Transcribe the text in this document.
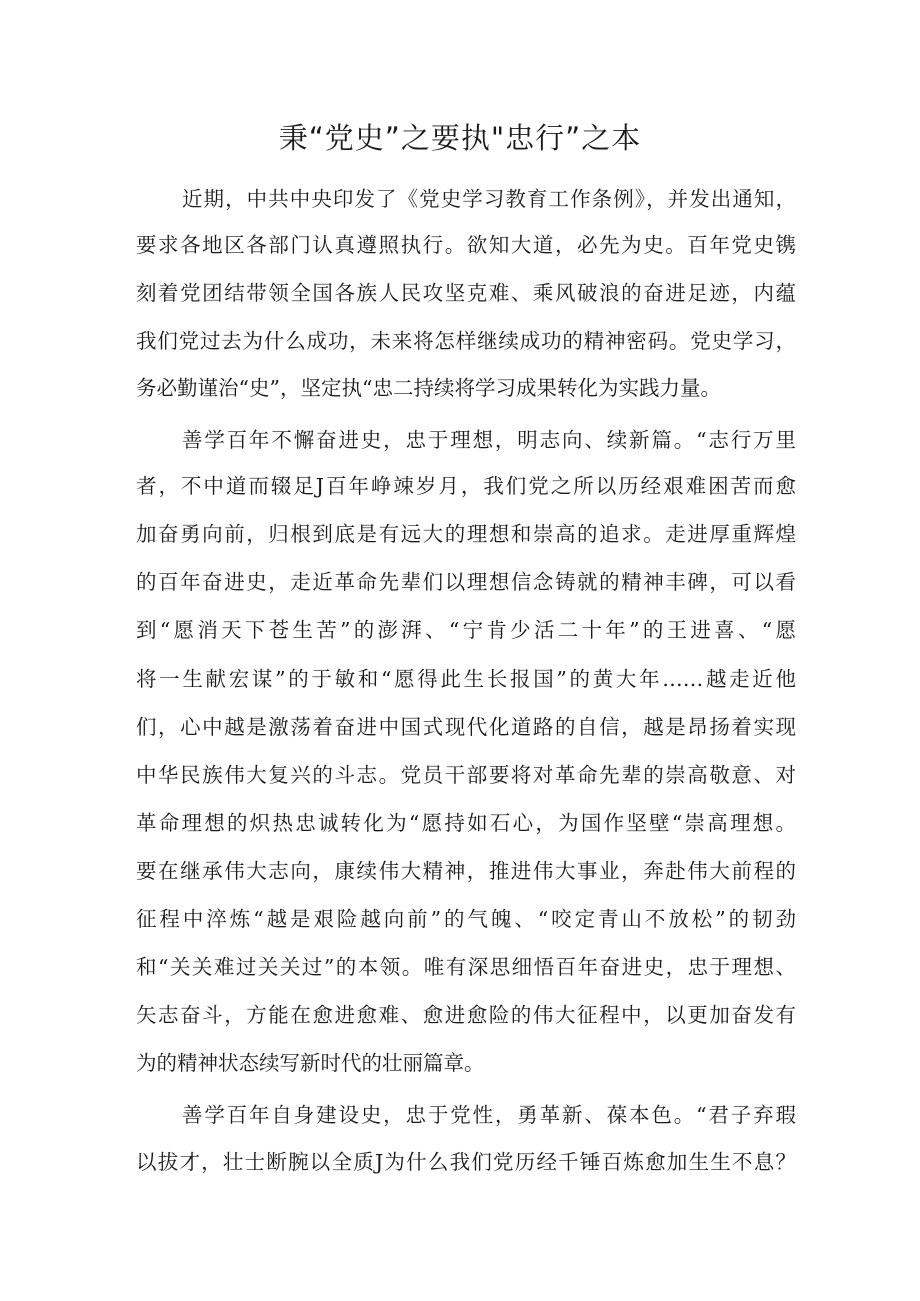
秉“党史”之要执"忠行”之本
近期，中共中央印发了《党史学习教育工作条例》，并发出通知，
要求各地区各部门认真遵照执行。欲知大道，必先为史。百年党史镌
刻着党团结带领全国各族人民攻坚克难、乘风破浪的奋进足迹，内蕴
我们党过去为什么成功，未来将怎样继续成功的精神密码。党史学习，
务必勤谨治“史”，坚定执“忠二持续将学习成果转化为实践力量。
善学百年不懈奋进史，忠于理想，明志向、续新篇。“志行万里
者，不中道而辍足J百年峥竦岁月，我们党之所以历经艰难困苦而愈
加奋勇向前，归根到底是有远大的理想和崇高的追求。走进厚重辉煌
的百年奋进史，走近革命先辈们以理想信念铸就的精神丰碑，可以看
到“愿消天下苍生苦”的澎湃、“宁肯少活二十年”的王进喜、“愿
将一生献宏谋”的于敏和“愿得此生长报国”的黄大年……越走近他
们，心中越是激荡着奋进中国式现代化道路的自信，越是昂扬着实现
中华民族伟大复兴的斗志。党员干部要将对革命先辈的崇高敬意、对
革命理想的炽热忠诚转化为“愿持如石心，为国作坚壁“崇高理想。
要在继承伟大志向，康续伟大精神，推进伟大事业，奔赴伟大前程的
征程中淬炼“越是艰险越向前”的气魄、“咬定青山不放松”的韧劲
和“关关难过关关过”的本领。唯有深思细悟百年奋进史，忠于理想、
矢志奋斗，方能在愈进愈难、愈进愈险的伟大征程中，以更加奋发有
为的精神状态续写新时代的壮丽篇章。
善学百年自身建设史，忠于党性，勇革新、葆本色。“君子弃瑕
以拔才，壮士断腕以全质J为什么我们党历经千锤百炼愈加生生不息？
